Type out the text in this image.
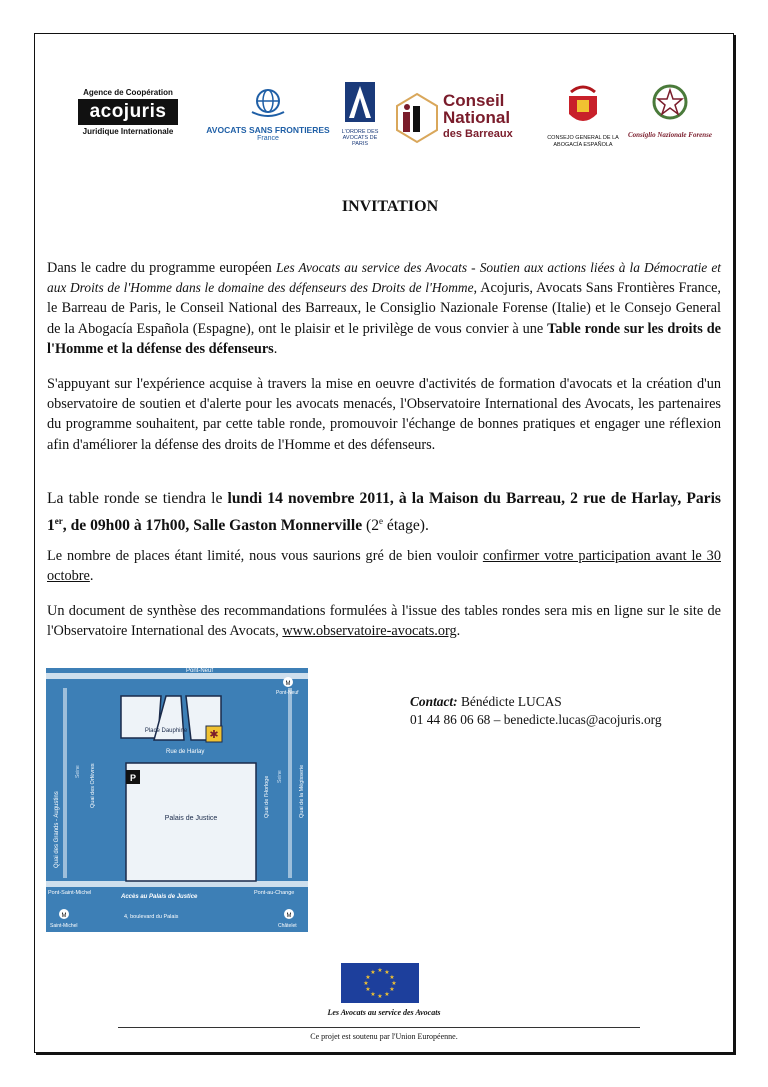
Agence de Coopération
acojuris
Juridique Internationale	AVOCATS SANS FRONTIERES
France
L'ORDRE DES AVOCATS DE PARIS
Conseil
National
des Barreaux	CONSEJO GENERAL DE LA ABOGACÍA ESPAÑOLA
Consiglio Nazionale Forense
INVITATION

Dans le cadre du programme européen Les Avocats au service des Avocats - Soutien aux actions liées à la Démocratie et aux Droits de l'Homme dans le domaine des défenseurs des Droits de l'Homme, Acojuris, Avocats Sans Frontières France, le Barreau de Paris, le Conseil National des Barreaux, le Consiglio Nazionale Forense (Italie) et le Consejo General de la Abogacía Española (Espagne), ont le plaisir et le privilège de vous convier à une Table ronde sur les droits de l'Homme et la défense des défenseurs.

S'appuyant sur l'expérience acquise à travers la mise en oeuvre d'activités de formation d'avocats et la création d'un observatoire de soutien et d'alerte pour les avocats menacés, l'Observatoire International des Avocats, les partenaires du programme souhaitent, par cette table ronde, promouvoir l'échange de bonnes pratiques et engager une réflexion afin d'améliorer la défense des droits de l'Homme et des défenseurs.

La table ronde se tiendra le lundi 14 novembre 2011, à la Maison du Barreau, 2 rue de Harlay, Paris 1er, de 09h00 à 17h00, Salle Gaston Monnerville (2e étage).

Le nombre de places étant limité, nous vous saurions gré de bien vouloir confirmer votre participation avant le 30 octobre.

Un document de synthèse des recommandations formulées à l'issue des tables rondes sera mis en ligne sur le site de l'Observatoire International des Avocats, www.observatoire-avocats.org.

✱
P
Pont-Neuf
M
Pont-Neuf
Place Dauphine
Rue de Harlay
Palais de Justice
Quai des Grands - Augustins
Quai des Orfèvres	Quai de l'Horloge	Quai de la Mégisserie
Seine	Seine
Pont-Saint-Michel	Pont-au-Change
Accès au Palais de Justice
4, boulevard du Palais
M
Saint-Michel
M
Châtelet
Contact: Bénédicte LUCAS
01 44 86 06 68 – benedicte.lucas@acojuris.org
★ ★
★
★
★
★
★
★
★
★
★
★
Les Avocats au service des Avocats
Ce projet est soutenu par l'Union Européenne.
